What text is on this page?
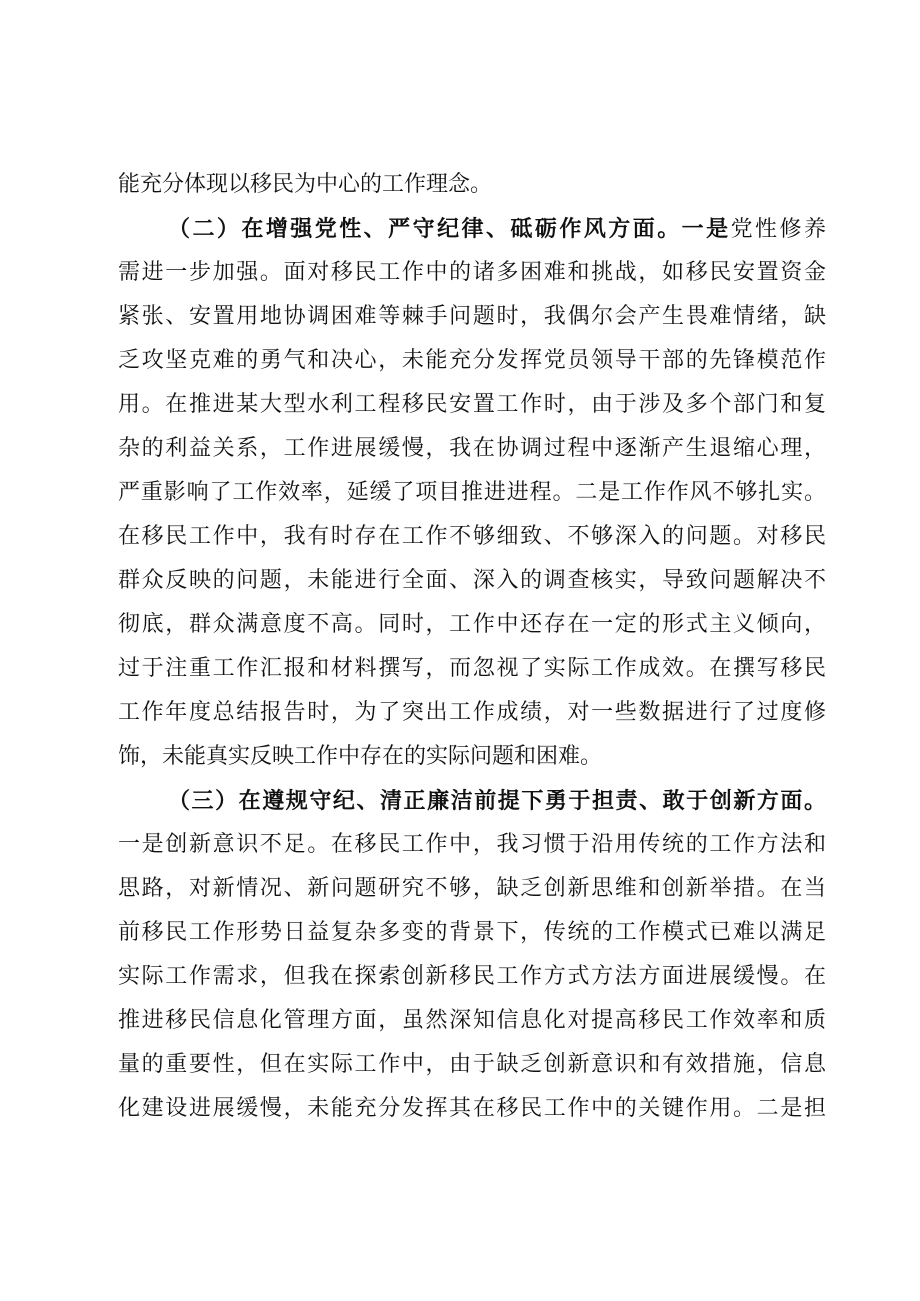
能充分体现以移民为中心的工作理念。
（二）在增强党性、严守纪律、砥砺作风方面。一是党性修养
需进一步加强。面对移民工作中的诸多困难和挑战，如移民安置资金
紧张、安置用地协调困难等棘手问题时，我偶尔会产生畏难情绪，缺
乏攻坚克难的勇气和决心，未能充分发挥党员领导干部的先锋模范作
用。在推进某大型水利工程移民安置工作时，由于涉及多个部门和复
杂的利益关系，工作进展缓慢，我在协调过程中逐渐产生退缩心理，
严重影响了工作效率，延缓了项目推进进程。二是工作作风不够扎实。
在移民工作中，我有时存在工作不够细致、不够深入的问题。对移民
群众反映的问题，未能进行全面、深入的调查核实，导致问题解决不
彻底，群众满意度不高。同时，工作中还存在一定的形式主义倾向，
过于注重工作汇报和材料撰写，而忽视了实际工作成效。在撰写移民
工作年度总结报告时，为了突出工作成绩，对一些数据进行了过度修
饰，未能真实反映工作中存在的实际问题和困难。
（三）在遵规守纪、清正廉洁前提下勇于担责、敢于创新方面。
一是创新意识不足。在移民工作中，我习惯于沿用传统的工作方法和
思路，对新情况、新问题研究不够，缺乏创新思维和创新举措。在当
前移民工作形势日益复杂多变的背景下，传统的工作模式已难以满足
实际工作需求，但我在探索创新移民工作方式方法方面进展缓慢。在
推进移民信息化管理方面，虽然深知信息化对提高移民工作效率和质
量的重要性，但在实际工作中，由于缺乏创新意识和有效措施，信息
化建设进展缓慢，未能充分发挥其在移民工作中的关键作用。二是担
